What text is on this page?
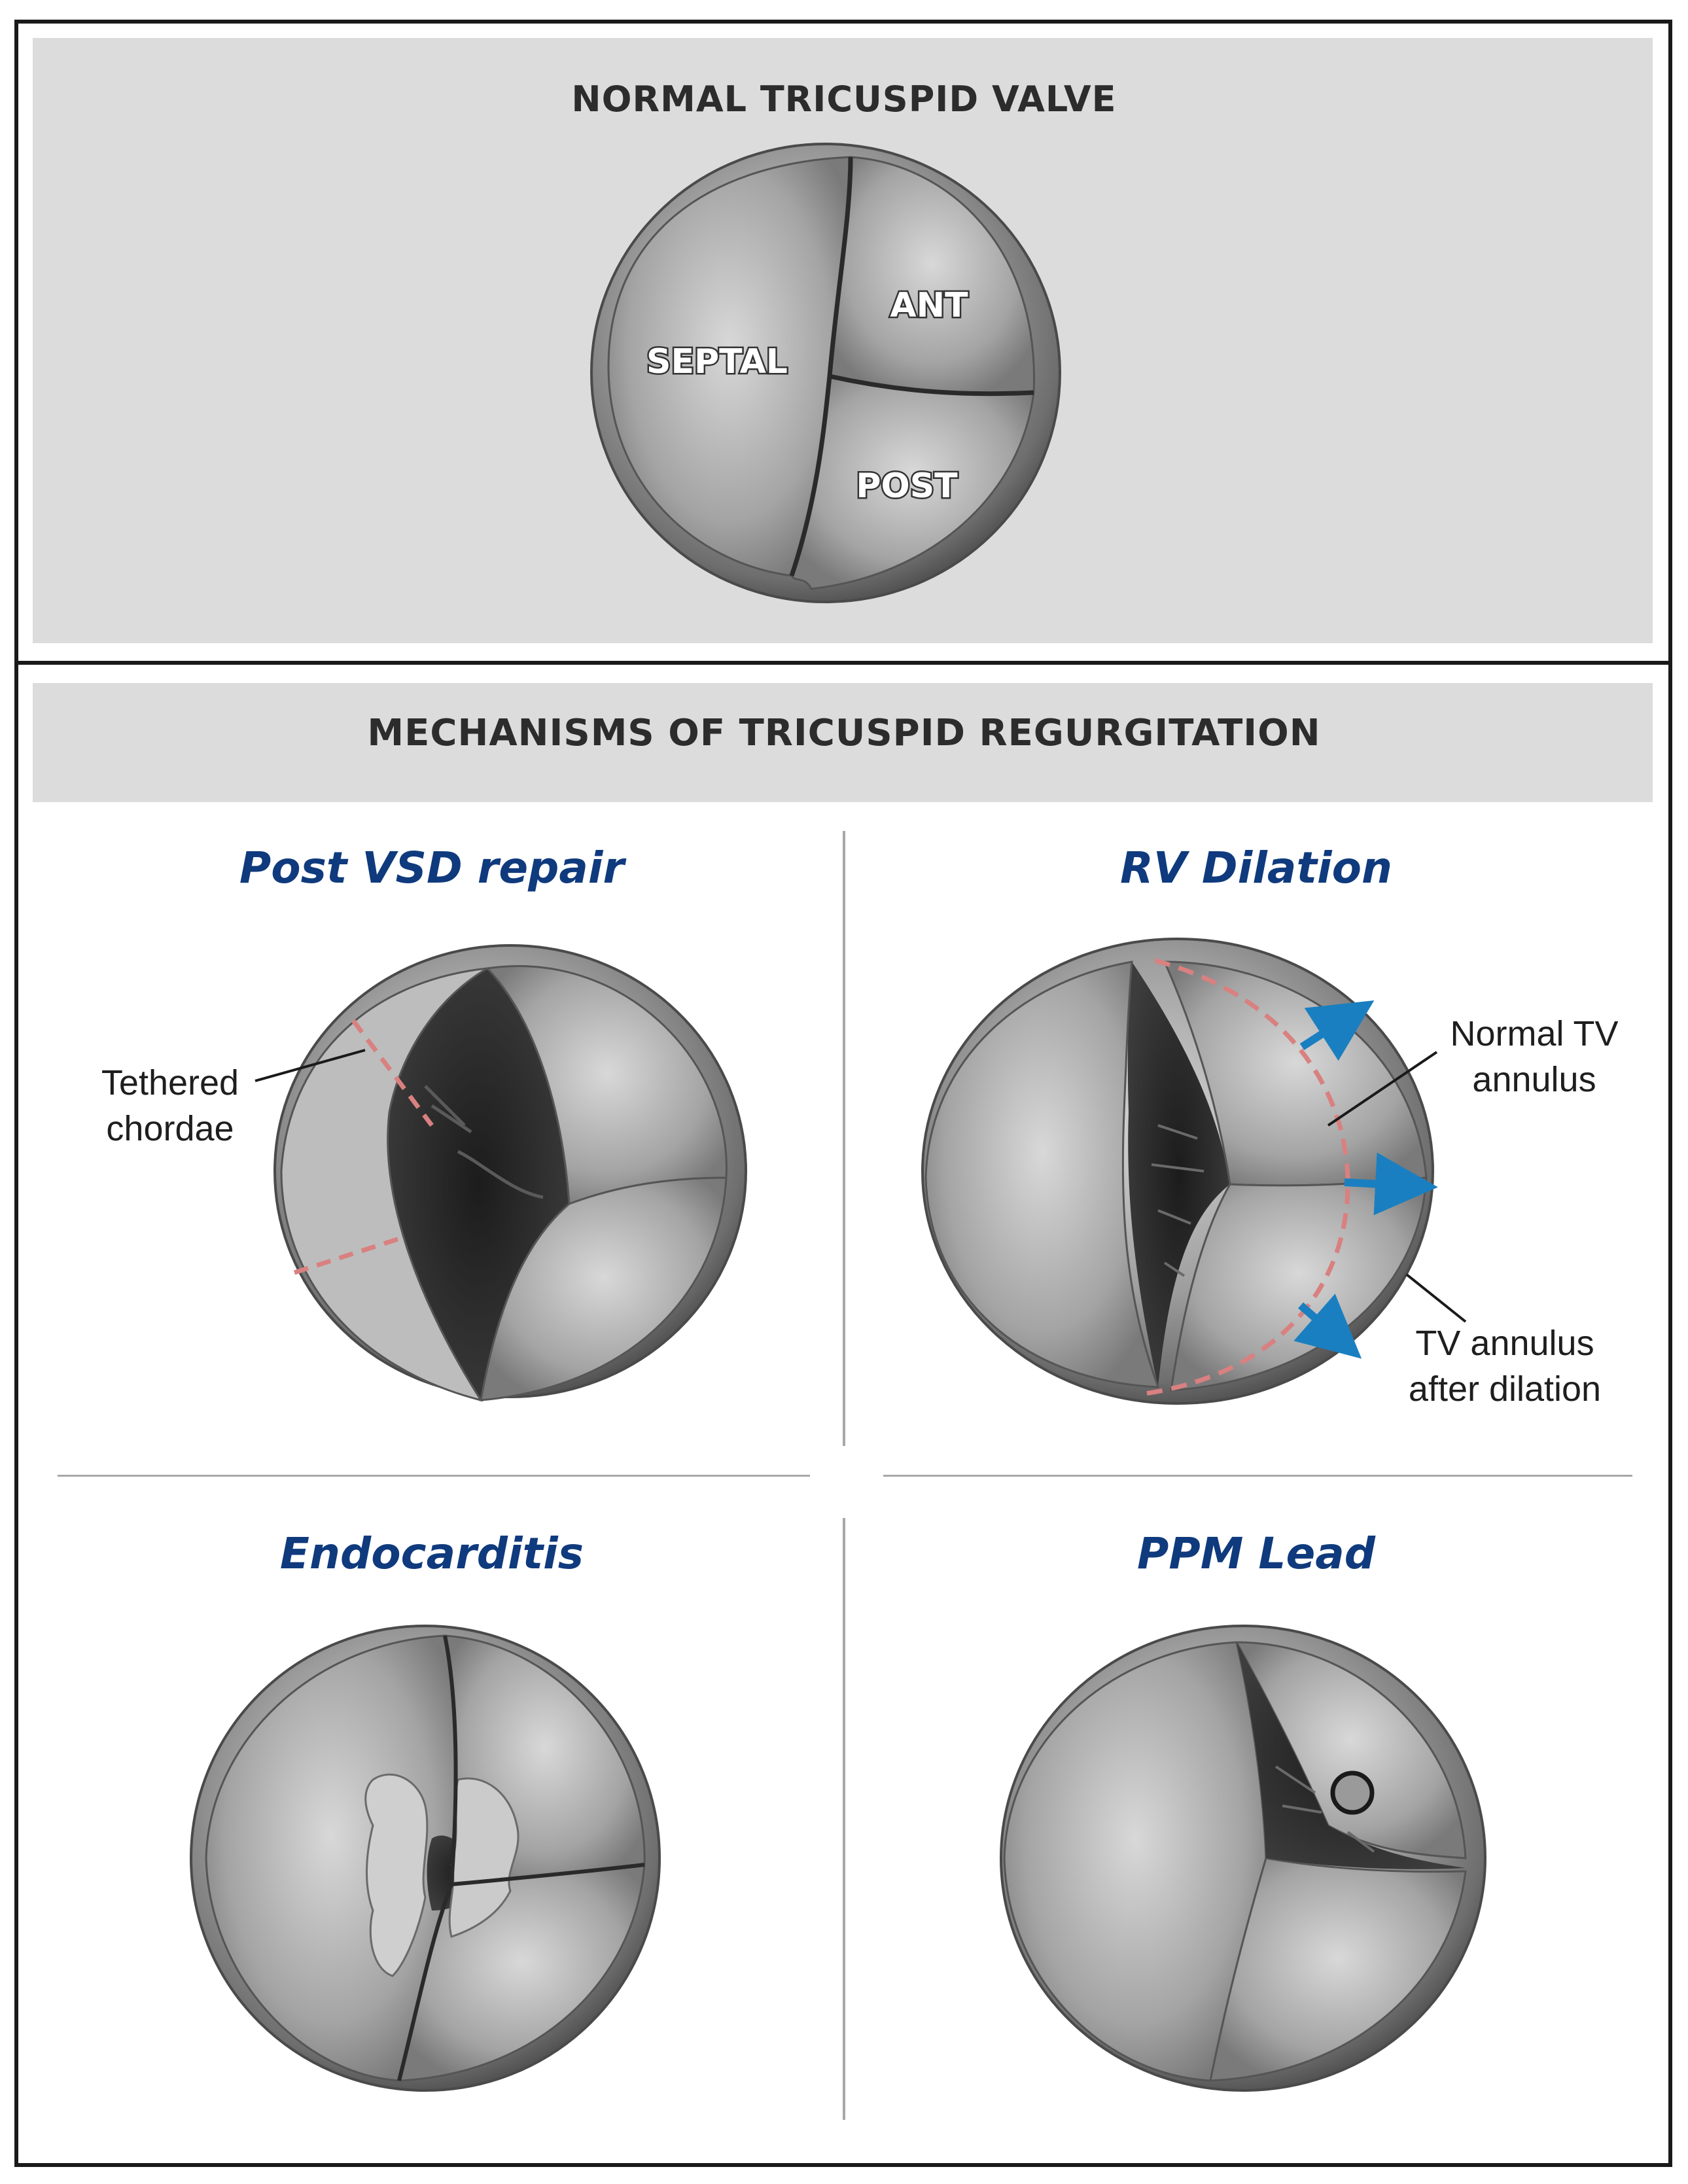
NORMAL TRICUSPID VALVE
MECHANISMS OF TRICUSPID REGURGITATION
Post VSD repair	RV Dilation
Endocarditis	PPM Lead
SEPTAL
ANT
POST
Tethered
chordae
Normal TV
annulus
TV annulus
after dilation
